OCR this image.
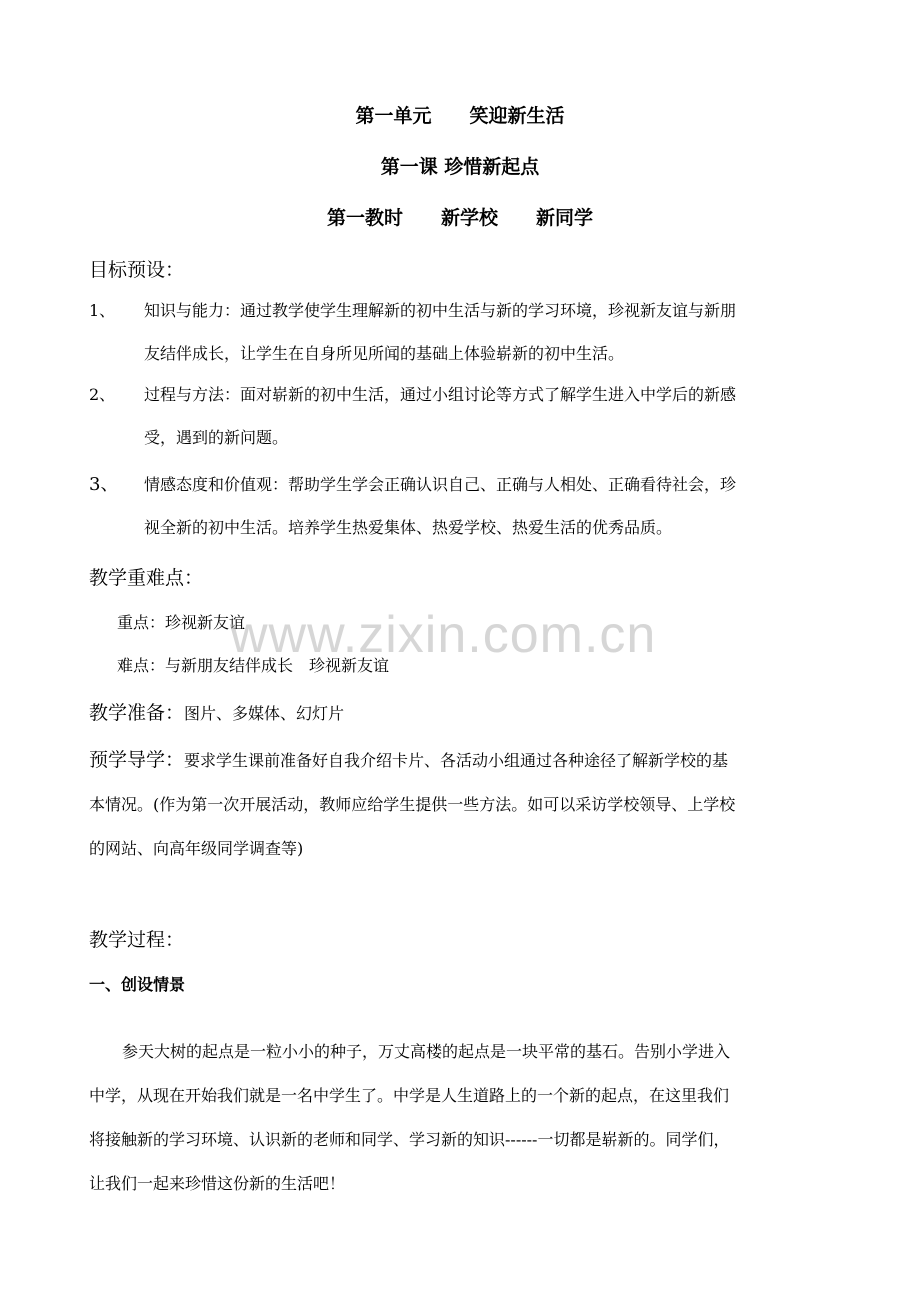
第一单元　　笑迎新生活
第一课 珍惜新起点
第一教时　　新学校　　新同学
目标预设：
1、	知识与能力：通过教学使学生理解新的初中生活与新的学习环境，珍视新友谊与新朋
友结伴成长，让学生在自身所见所闻的基础上体验崭新的初中生活。
2、	过程与方法：面对崭新的初中生活，通过小组讨论等方式了解学生进入中学后的新感
受，遇到的新问题。
3、	情感态度和价值观：帮助学生学会正确认识自己、正确与人相处、正确看待社会，珍
视全新的初中生活。培养学生热爱集体、热爱学校、热爱生活的优秀品质。
教学重难点：
重点：珍视新友谊
难点：与新朋友结伴成长　珍视新友谊
教学准备：图片、多媒体、幻灯片
预学导学：要求学生课前准备好自我介绍卡片、各活动小组通过各种途径了解新学校的基
本情况。(作为第一次开展活动，教师应给学生提供一些方法。如可以采访学校领导、上学校
的网站、向高年级同学调查等)
教学过程：
一、创设情景
参天大树的起点是一粒小小的种子，万丈高楼的起点是一块平常的基石。告别小学进入
中学，从现在开始我们就是一名中学生了。中学是人生道路上的一个新的起点，在这里我们
将接触新的学习环境、认识新的老师和同学、学习新的知识------一切都是崭新的。同学们，
让我们一起来珍惜这份新的生活吧！
www.zixin.com.cn
